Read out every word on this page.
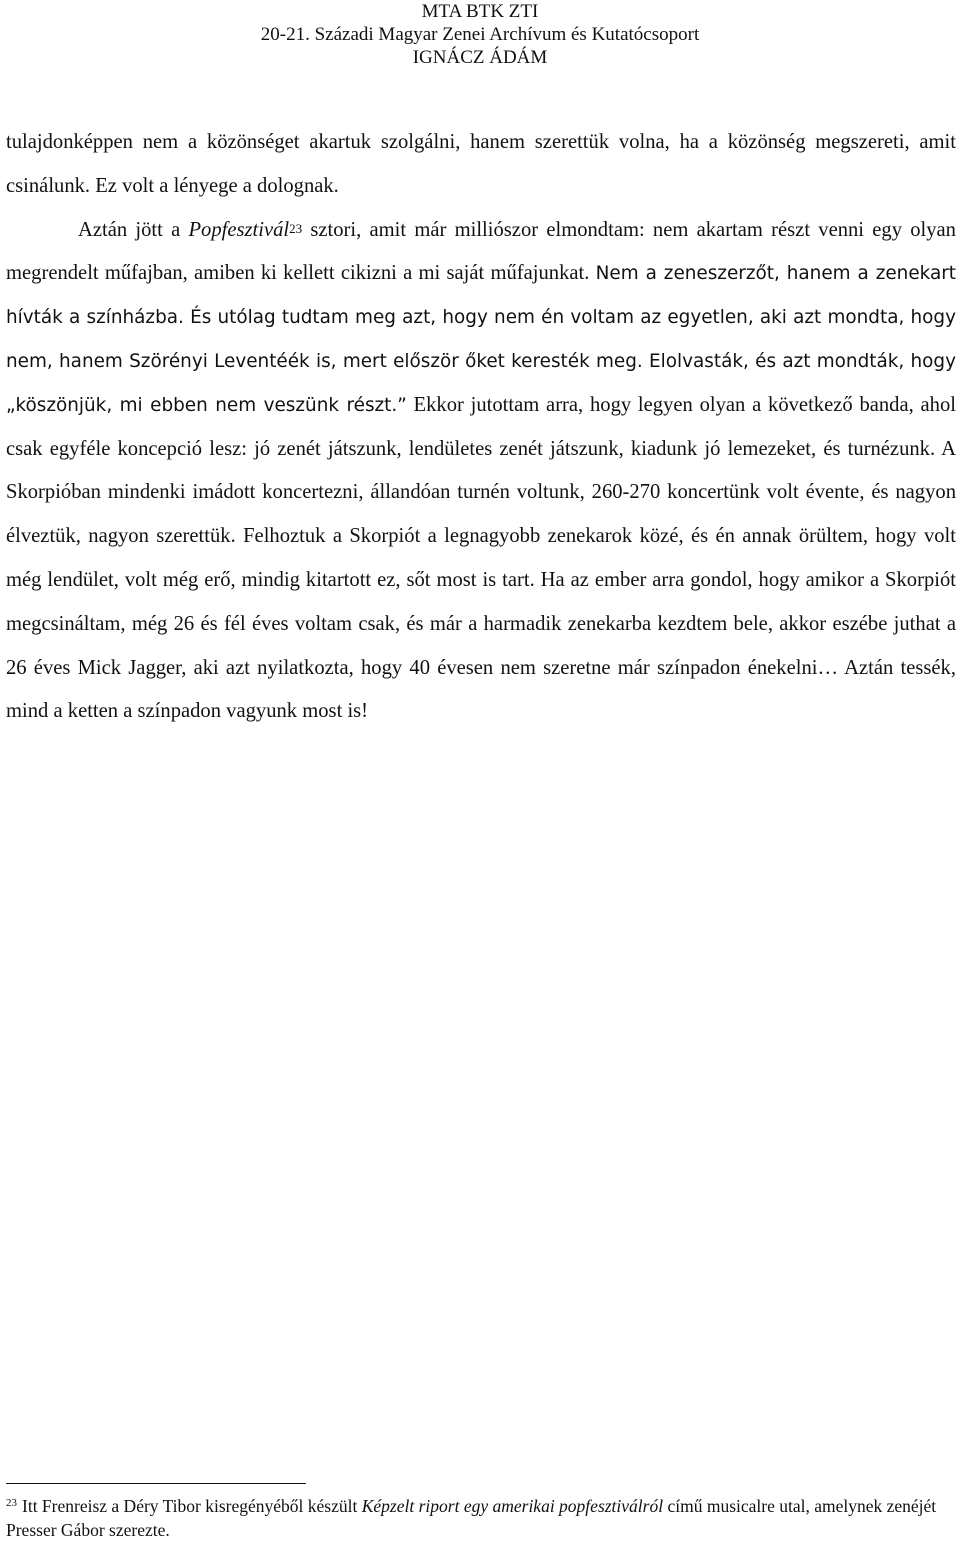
MTA BTK ZTI
20-21. Századi Magyar Zenei Archívum és Kutatócsoport
IGNÁCZ ÁDÁM

tulajdonképpen nem a közönséget akartuk szolgálni, hanem szerettük volna, ha a közönség megszereti, amit csinálunk. Ez volt a lényege a dolognak.

Aztán jött a Popfesztivál$^{23}$ sztori, amit már milliószor elmondtam: nem akartam részt venni egy olyan megrendelt műfajban, amiben ki kellett cikizni a mi saját műfajunkat. Nem a zeneszerzőt, hanem a zenekart hívták a színházba. És utólag tudtam meg azt, hogy nem én voltam az egyetlen, aki azt mondta, hogy nem, hanem Szörényi Leventéék is, mert először őket keresték meg. Elolvasták, és azt mondták, hogy „köszönjük, mi ebben nem veszünk részt.” Ekkor jutottam arra, hogy legyen olyan a következő banda, ahol csak egyféle koncepció lesz: jó zenét játszunk, lendületes zenét játszunk, kiadunk jó lemezeket, és turnézunk. A Skorpióban mindenki imádott koncertezni, állandóan turnén voltunk, 260-270 koncertünk volt évente, és nagyon élveztük, nagyon szerettük. Felhoztuk a Skorpiót a legnagyobb zenekarok közé, és én annak örültem, hogy volt még lendület, volt még erő, mindig kitartott ez, sőt most is tart. Ha az ember arra gondol, hogy amikor a Skorpiót megcsináltam, még 26 és fél éves voltam csak, és már a harmadik zenekarba kezdtem bele, akkor eszébe juthat a 26 éves Mick Jagger, aki azt nyilatkozta, hogy 40 évesen nem szeretne már színpadon énekelni… Aztán tessék, mind a ketten a színpadon vagyunk most is!

$^{23}$ Itt Frenreisz a Déry Tibor kisregényéből készült Képzelt riport egy amerikai popfesztiválról című musicalre utal, amelynek zenéjét Presser Gábor szerezte.
